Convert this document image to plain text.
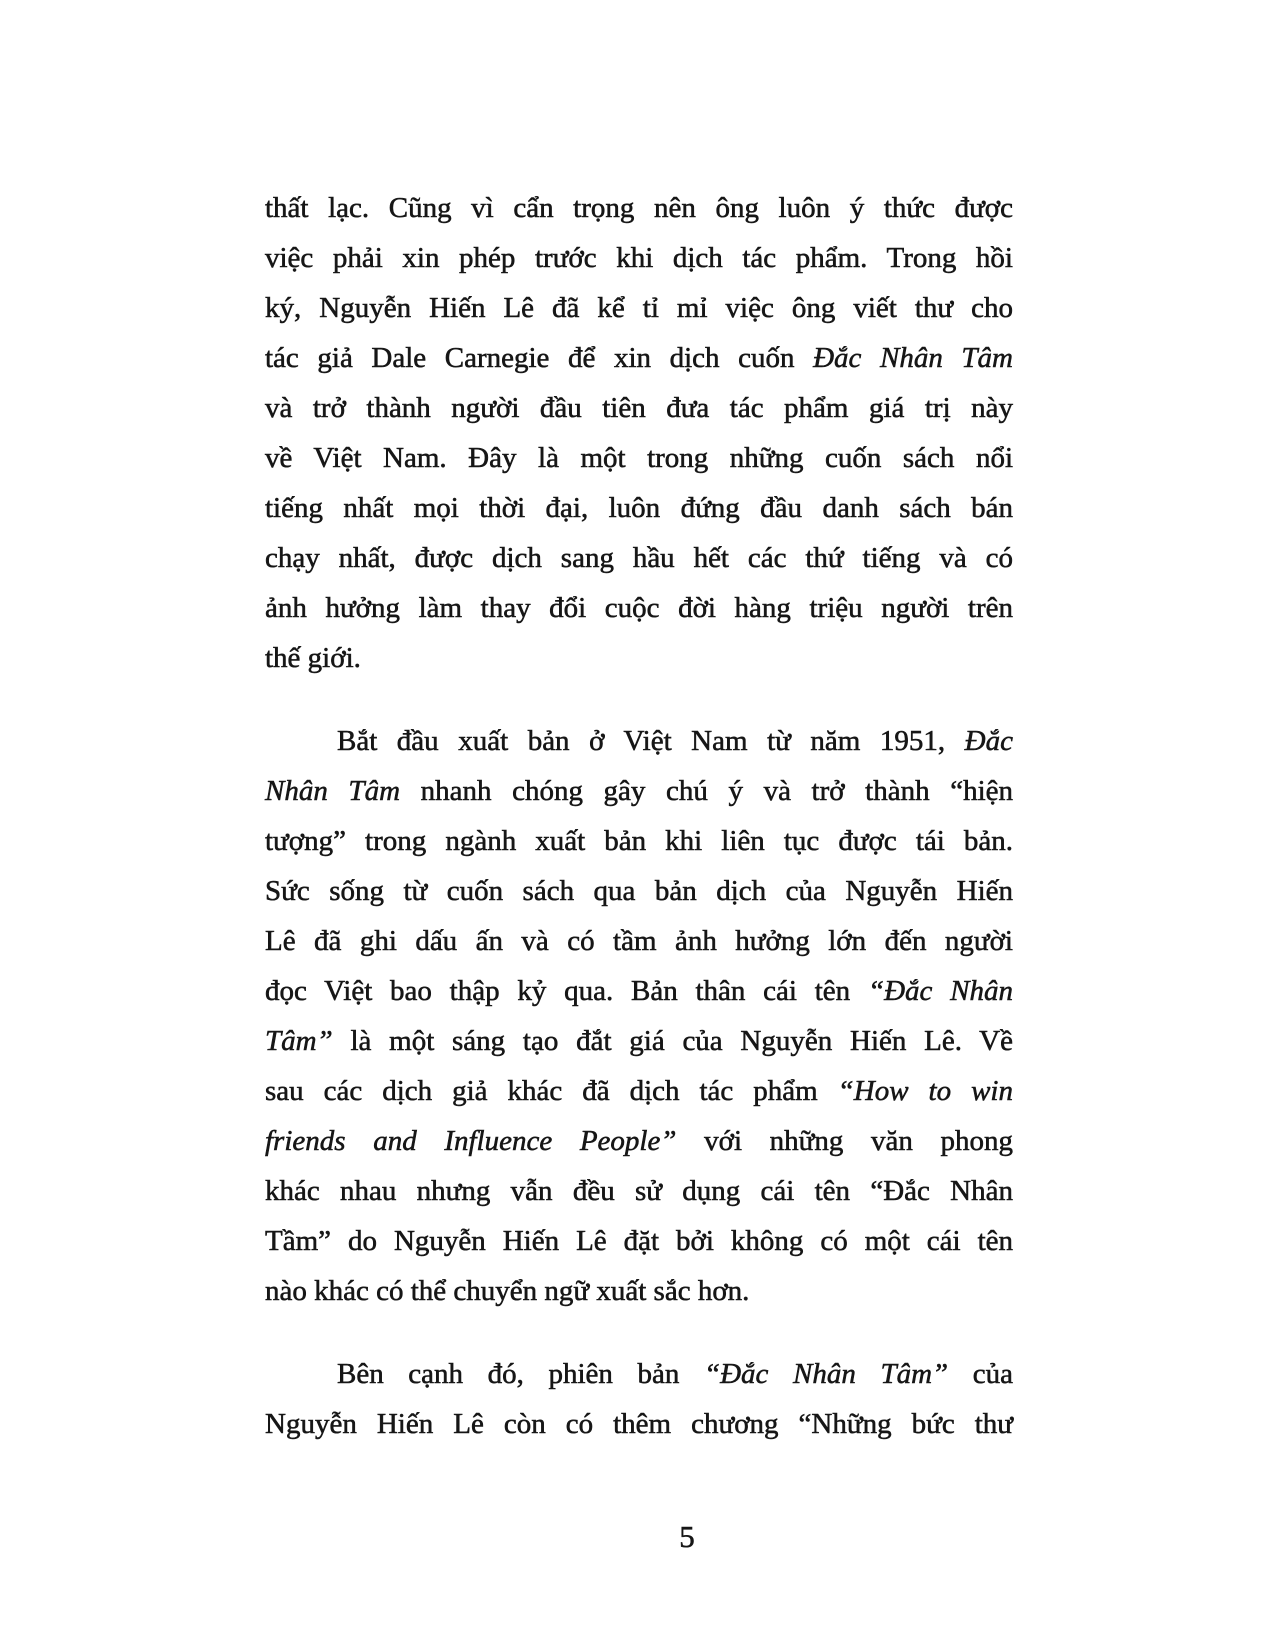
thất lạc. Cũng vì cẩn trọng nên ông luôn ý thức được
việc phải xin phép trước khi dịch tác phẩm. Trong hồi
ký, Nguyễn Hiến Lê đã kể tỉ mỉ việc ông viết thư cho
tác giả Dale Carnegie để xin dịch cuốn Đắc Nhân Tâm
và trở thành người đầu tiên đưa tác phẩm giá trị này
về Việt Nam. Đây là một trong những cuốn sách nổi
tiếng nhất mọi thời đại, luôn đứng đầu danh sách bán
chạy nhất, được dịch sang hầu hết các thứ tiếng và có
ảnh hưởng làm thay đổi cuộc đời hàng triệu người trên
thế giới.
Bắt đầu xuất bản ở Việt Nam từ năm 1951, Đắc
Nhân Tâm nhanh chóng gây chú ý và trở thành “hiện
tượng” trong ngành xuất bản khi liên tục được tái bản.
Sức sống từ cuốn sách qua bản dịch của Nguyễn Hiến
Lê đã ghi dấu ấn và có tầm ảnh hưởng lớn đến người
đọc Việt bao thập kỷ qua. Bản thân cái tên “Đắc Nhân
Tâm” là một sáng tạo đắt giá của Nguyễn Hiến Lê. Về
sau các dịch giả khác đã dịch tác phẩm “How to win
friends and Influence People” với những văn phong
khác nhau nhưng vẫn đều sử dụng cái tên “Đắc Nhân
Tầm” do Nguyễn Hiến Lê đặt bởi không có một cái tên
nào khác có thể chuyển ngữ xuất sắc hơn.
Bên cạnh đó, phiên bản “Đắc Nhân Tâm” của
Nguyễn Hiến Lê còn có thêm chương “Những bức thư
5
